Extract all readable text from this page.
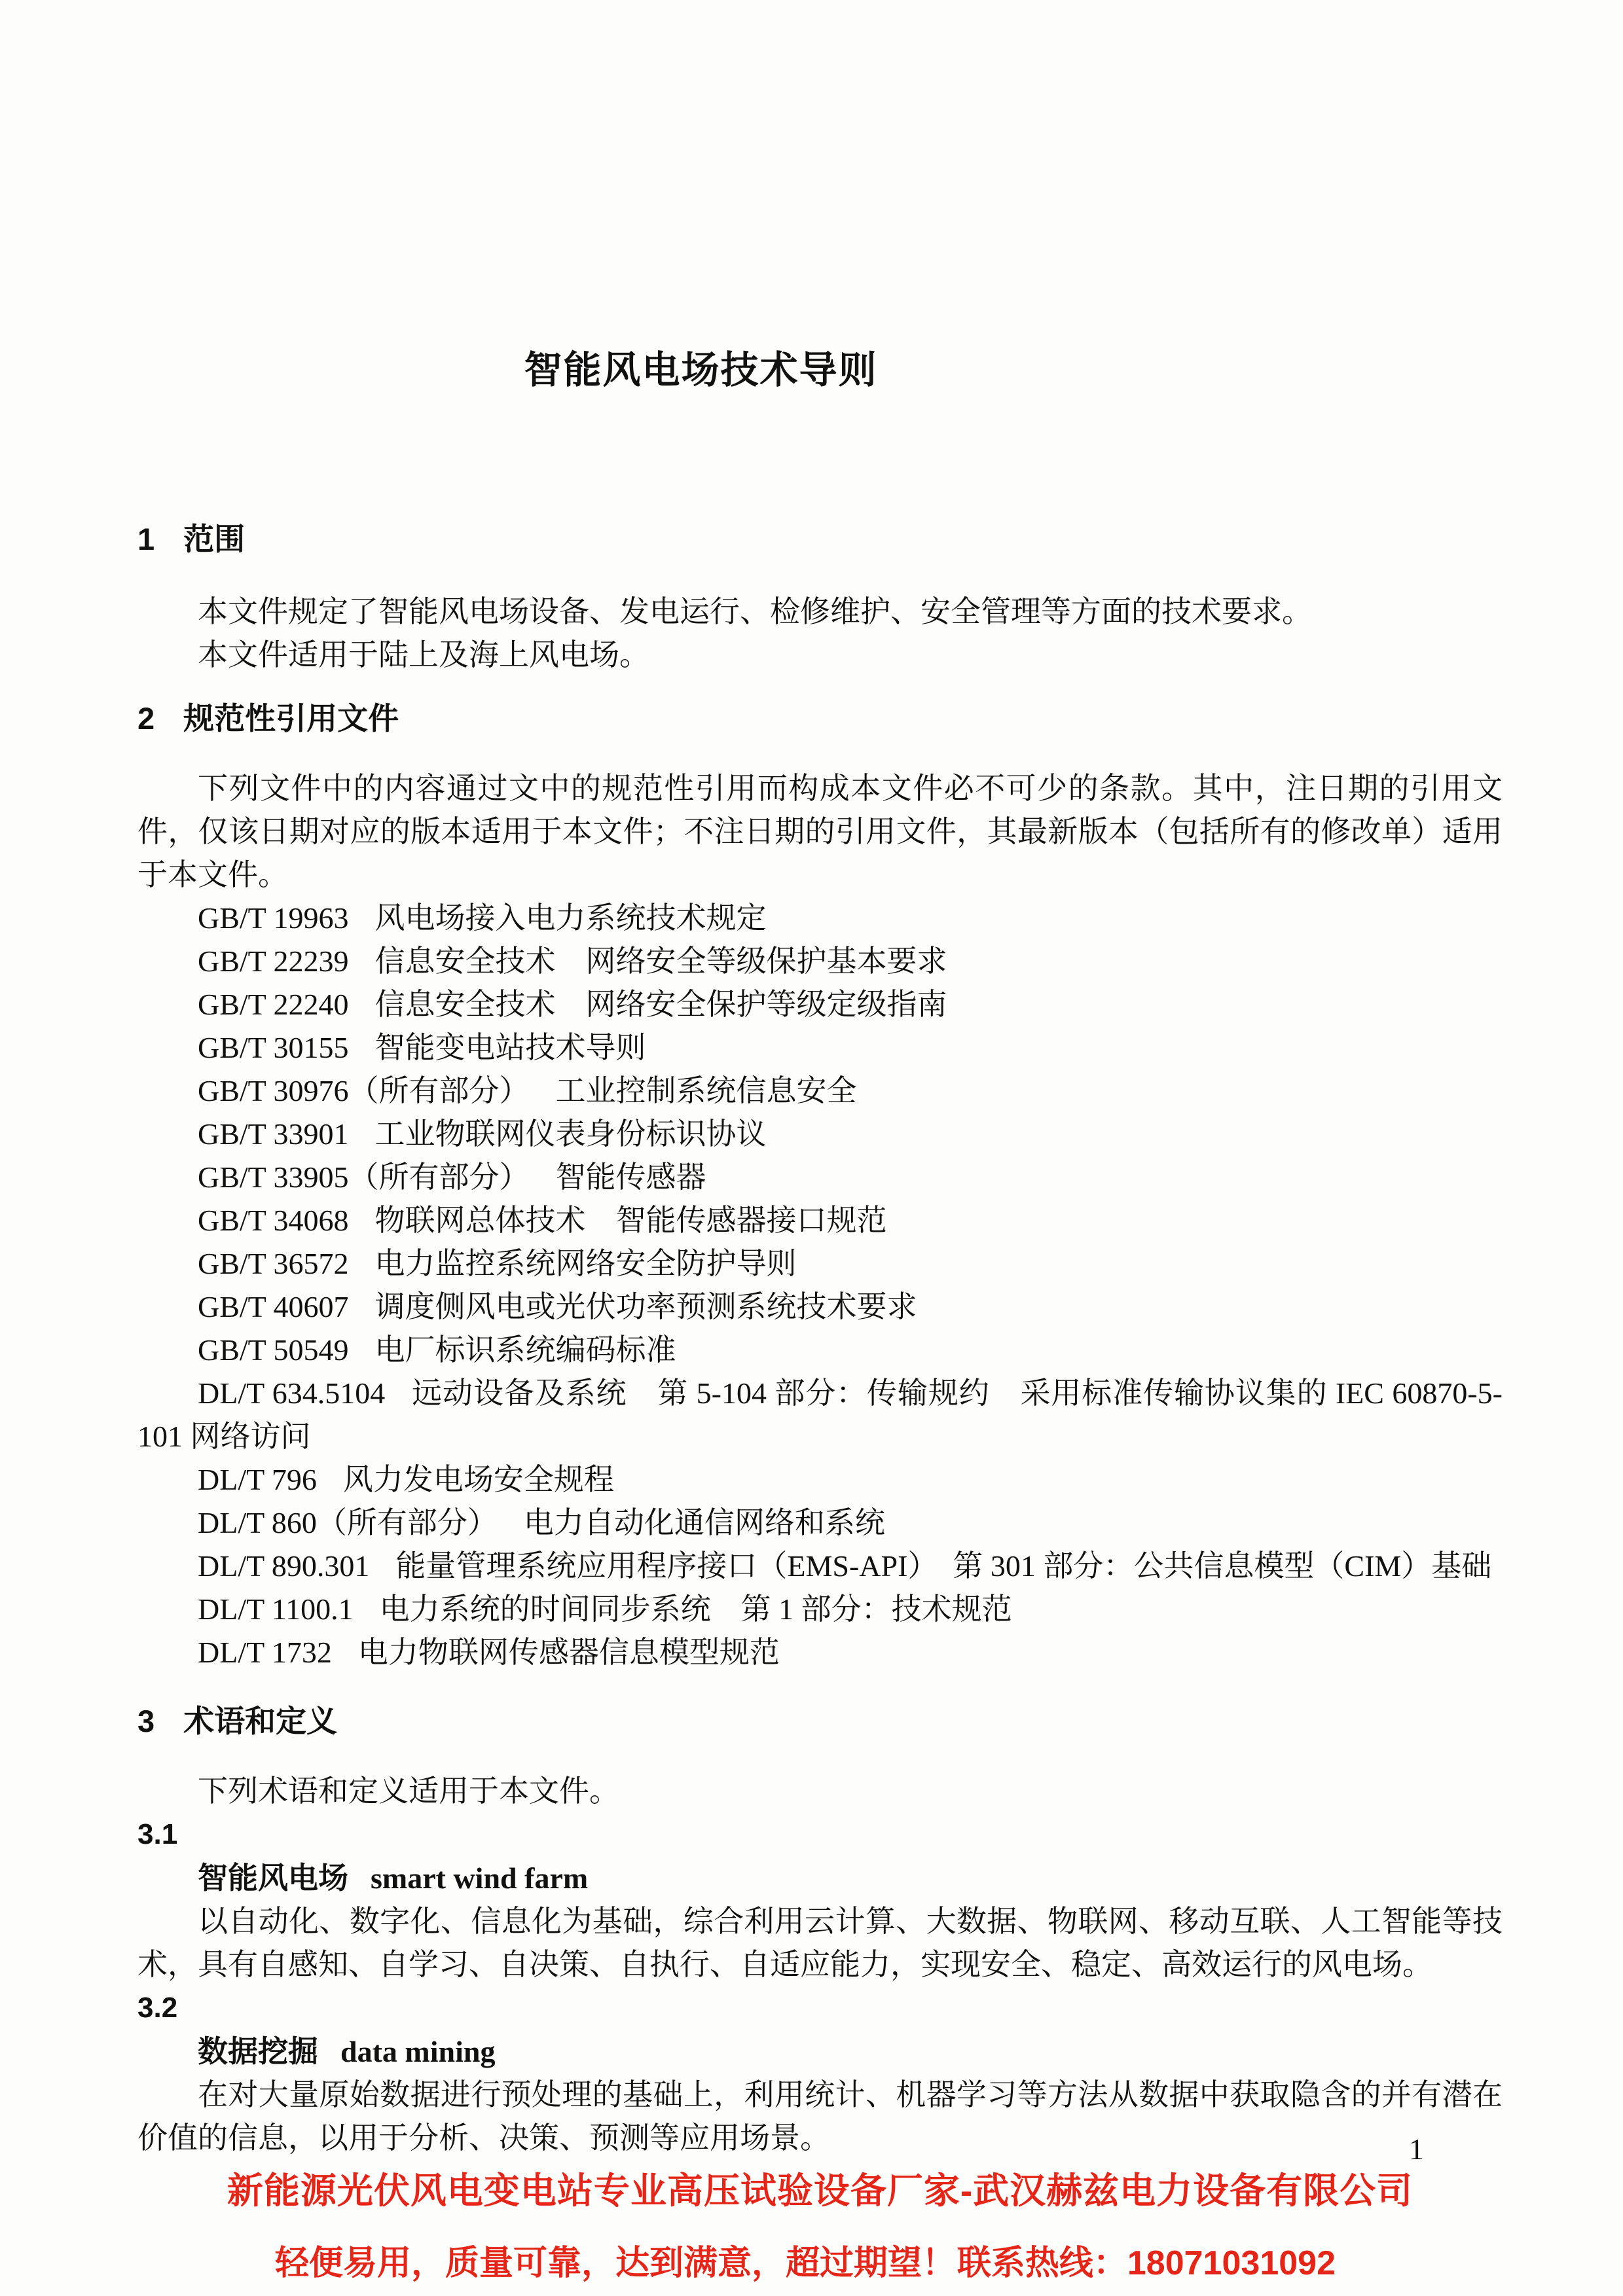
智能风电场技术导则
1 范围

本文件规定了智能风电场设备、发电运行、检修维护、安全管理等方面的技术要求。

本文件适用于陆上及海上风电场。

2 规范性引用文件

下列文件中的内容通过文中的规范性引用而构成本文件必不可少的条款。其中，注日期的引用文件，仅该日期对应的版本适用于本文件；不注日期的引用文件，其最新版本（包括所有的修改单）适用于本文件。

GB/T 19963 风电场接入电力系统技术规定
GB/T 22239 信息安全技术　网络安全等级保护基本要求
GB/T 22240 信息安全技术　网络安全保护等级定级指南
GB/T 30155 智能变电站技术导则
GB/T 30976（所有部分） 工业控制系统信息安全
GB/T 33901 工业物联网仪表身份标识协议
GB/T 33905（所有部分） 智能传感器
GB/T 34068 物联网总体技术　智能传感器接口规范
GB/T 36572 电力监控系统网络安全防护导则
GB/T 40607 调度侧风电或光伏功率预测系统技术要求
GB/T 50549 电厂标识系统编码标准
DL/T 634.5104 远动设备及系统　第 5-104 部分：传输规约　采用标准传输协议集的 IEC 60870-5-101 网络访问
DL/T 796 风力发电场安全规程
DL/T 860（所有部分） 电力自动化通信网络和系统
DL/T 890.301 能量管理系统应用程序接口（EMS-API）　第 301 部分：公共信息模型（CIM）基础
DL/T 1100.1 电力系统的时间同步系统　第 1 部分：技术规范
DL/T 1732 电力物联网传感器信息模型规范
3 术语和定义

下列术语和定义适用于本文件。

3.1
智能风电场 smart wind farm

以自动化、数字化、信息化为基础，综合利用云计算、大数据、物联网、移动互联、人工智能等技术，具有自感知、自学习、自决策、自执行、自适应能力，实现安全、稳定、高效运行的风电场。

3.2
数据挖掘 data mining

在对大量原始数据进行预处理的基础上，利用统计、机器学习等方法从数据中获取隐含的并有潜在价值的信息，以用于分析、决策、预测等应用场景。	1
新能源光伏风电变电站专业高压试验设备厂家-武汉赫兹电力设备有限公司
轻便易用，质量可靠，达到满意，超过期望！ 联系热线：18071031092
